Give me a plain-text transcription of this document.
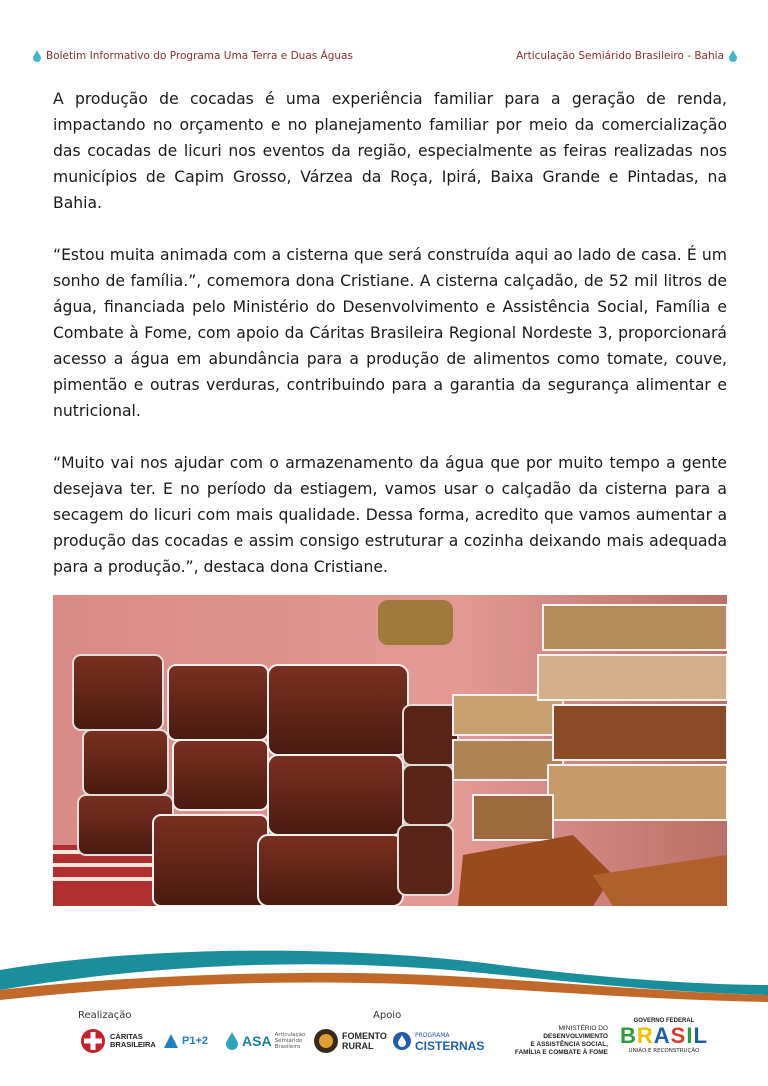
Boletim Informativo do Programa Uma Terra e Duas Águas	Articulação Semiárido Brasileiro - Bahia

A produção de cocadas é uma experiência familiar para a geração de renda, impactando no orçamento e no planejamento familiar por meio da comercialização das cocadas de licuri nos eventos da região, especialmente as feiras realizadas nos municípios de Capim Grosso, Várzea da Roça, Ipirá, Baixa Grande e Pintadas, na Bahia.

“Estou muita animada com a cisterna que será construída aqui ao lado de casa. É um sonho de família.”, comemora dona Cristiane. A cisterna calçadão, de 52 mil litros de água, financiada pelo Ministério do Desenvolvimento e Assistência Social, Família e Combate à Fome, com apoio da Cáritas Brasileira Regional Nordeste 3, proporcionará acesso a água em abundância para a produção de alimentos como tomate, couve, pimentão e outras verduras, contribuindo para a garantia da segurança alimentar e nutricional.

“Muito vai nos ajudar com o armazenamento da água que por muito tempo a gente desejava ter. E no período da estiagem, vamos usar o calçadão da cisterna para a secagem do licuri com mais qualidade. Dessa forma, acredito que vamos aumentar a produção das cocadas e assim consigo estruturar a cozinha deixando mais adequada para a produção.”, destaca dona Cristiane.

Realização	Apoio
CÁRITAS
BRASILEIRA P1+2 ASA Articulação Semiárido Brasileiro
FOMENTO
RURAL
PROGRAMA
CISTERNAS
MINISTÉRIO DO
DESENVOLVIMENTO
E ASSISTÊNCIA SOCIAL,
FAMÍLIA E COMBATE À FOME
GOVERNO FEDERAL
BRASIL
UNIÃO E RECONSTRUÇÃO
